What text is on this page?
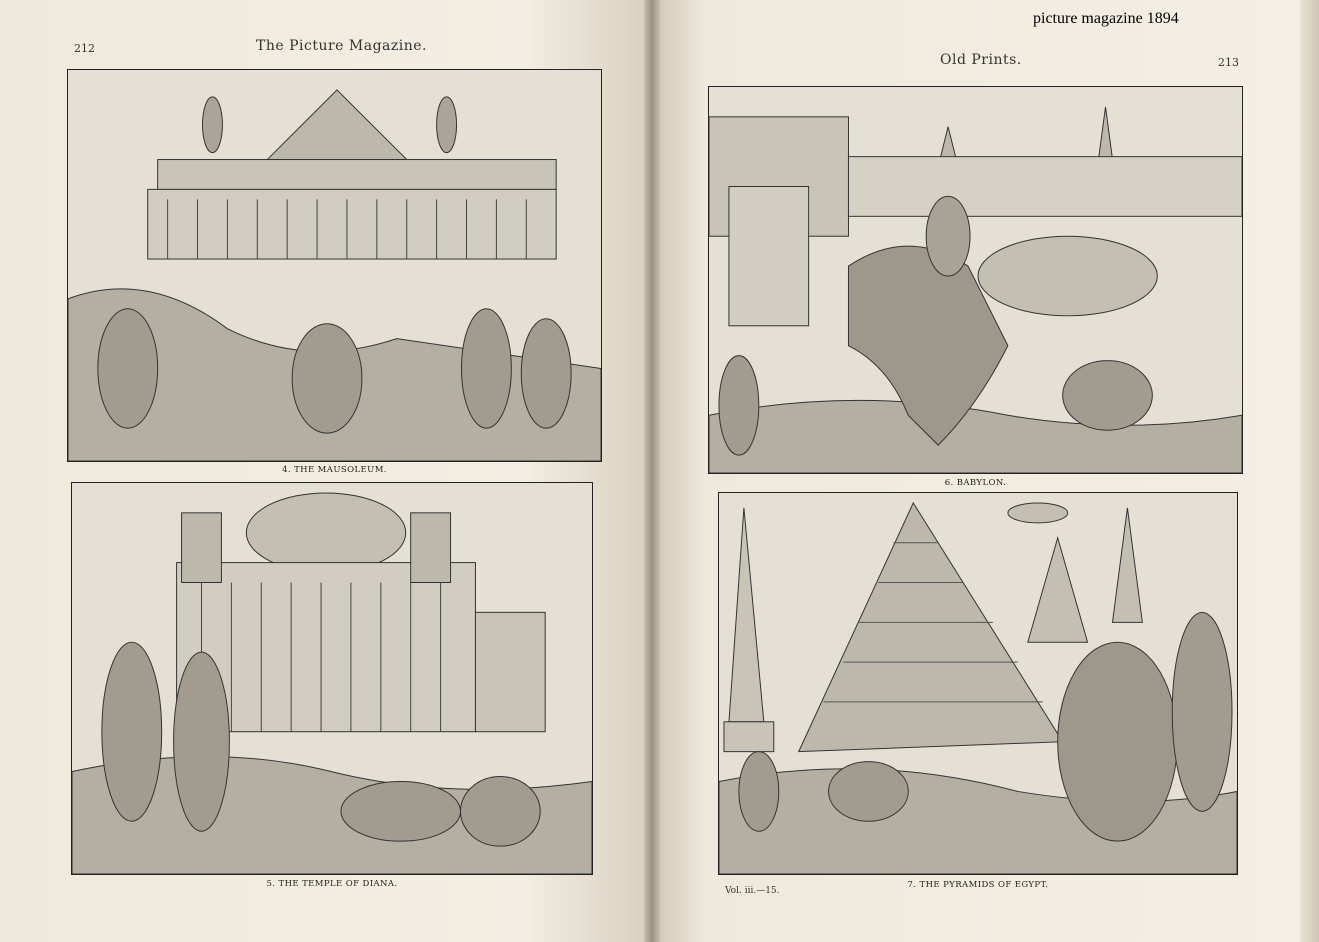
picture magazine 1894
212	The Picture Magazine.
Old Prints.	213
4. THE MAUSOLEUM.
5. THE TEMPLE OF DIANA.
6. BABYLON.
7. THE PYRAMIDS OF EGYPT.
Vol. iii.—15.
